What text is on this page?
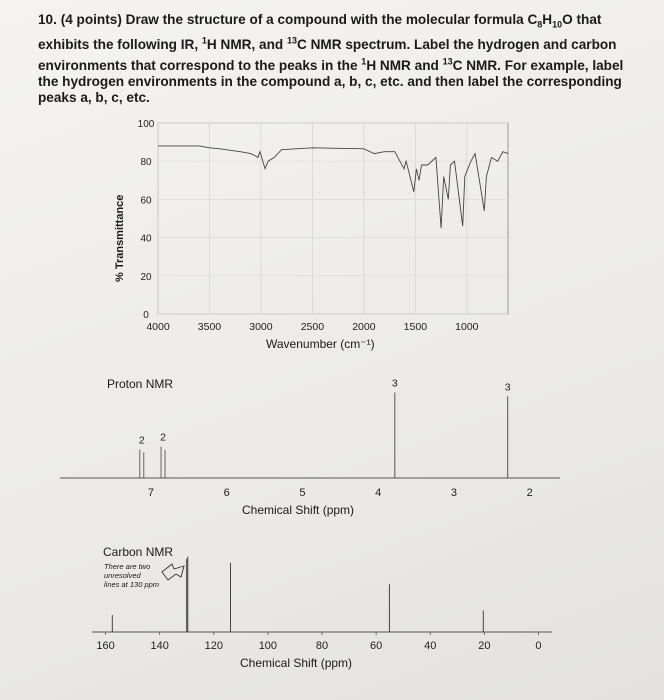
10. (4 points) Draw the structure of a compound with the molecular formula $C_8H_{10}O$ that exhibits the following IR, $^1$H NMR, and $^{13}$C NMR spectrum. Label the hydrogen and carbon environments that correspond to the peaks in the $^1$H NMR and $^{13}$C NMR. For example, label the hydrogen environments in the compound a, b, c, etc. and then label the corresponding peaks a, b, c, etc.
% Transmittance
4000	3500	3000	2500	2000	1500	1000
100
80
60
40
20
0
Wavenumber (cm⁻¹)
Proton NMR
7	6	5	4	3	2
2 2
3	3
Chemical Shift (ppm)
Carbon NMR
There are two
unresolved
lines at 130 ppm
160	140	120	100	80	60	40	20	0
Chemical Shift (ppm)
